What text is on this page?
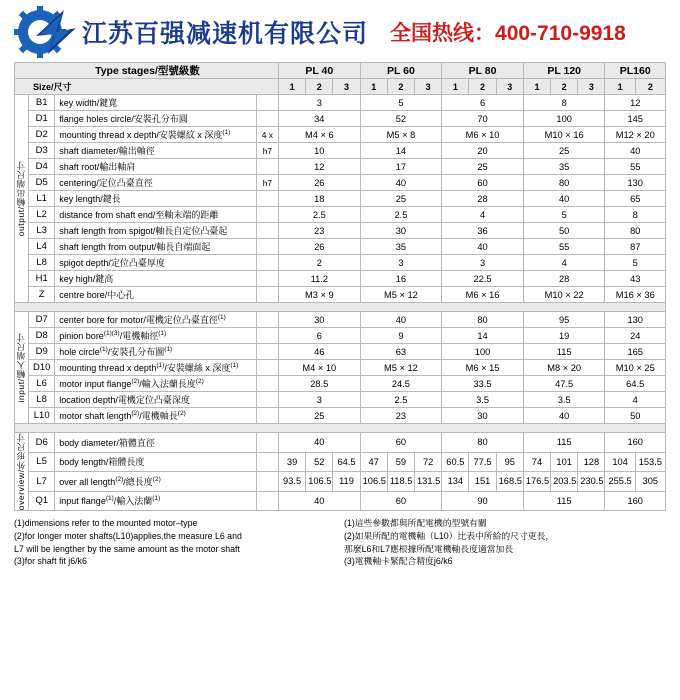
江苏百强减速机有限公司 全国热线：400-710-9918
Type stages/型號級數				PL 40			PL 60			PL 80			PL 120			PL160	
Size/尺寸				1	2	3	1	2	3	1	2	3	1	2	3	1	2

output/輸出端尺寸	B1	key width/鍵寬		3			5			6			8			12	
	D1	flange holes circle/安裝孔分布圓		34			52			70			100			145	
	D2	mounting thread x depth/安裝螺紋 x 深度$^{(1)}$	4 x	M4 × 6			M5 × 8			M6 × 10			M10 × 16			M12 × 20	
	D3	shaft diameter/輸出軸徑	h7	10			14			20			25			40	
	D4	shaft root/輸出軸肩		12			17			25			35			55	
	D5	centering/定位凸臺直徑	h7	26			40			60			80			130	
	L1	key length/鍵長		18			25			28			40			65	
	L2	distance from shaft end/至軸末端的距離		2.5			2.5			4			5			8	
	L3	shaft length from spigot/軸長自定位凸臺起		23			30			36			50			80	
	L4	shaft length from output/軸長自端面起		26			35			40			55			87	
	L8	spigot depth/定位凸臺厚度		2			3			3			4			5	
	H1	key high/鍵高		11.2			16			22.5			28			43	
	Z	centre bore/中心孔		M3 × 9			M5 × 12			M6 × 16			M10 × 22			M16 × 36	

input/輸入端尺寸	D7	center bore for motor/電機定位凸臺直徑$^{(1)}$		30			40			80			95			130	
	D8	pinion bore$^{(1)(3)}$/電機軸徑$^{(1)}$		6			9			14			19			24	
	D9	hole circle$^{(1)}$/安裝孔分布圖$^{(1)}$		46			63			100			115			165	
	D10	mounting thread x depth$^{(1)}$/安裝螺絲 x 深度$^{(1)}$		M4 × 10			M5 × 12			M6 × 15			M8 × 20			M10 × 25	
	L6	motor input flange$^{(2)}$/輸入法蘭長度$^{(2)}$		28.5			24.5			33.5			47.5			64.5	
	L8	location depth/電機定位凸臺深度		3			2.5			3.5			3.5			4	
	L10	motor shaft length$^{(2)}$/電機軸長$^{(2)}$		25			23			30			40			50	

overview/外形尺寸	D6	body diameter/箱體直徑		40			60			80			115			160	
	L5	body length/箱體長度		39	52	64.5	47	59	72	60.5	77.5	95	74	101	128	104	153.5
	L7	over all length$^{(2)}$/總長度$^{(2)}$		93.5	106.5	119	106.5	118.5	131.5	134	151	168.5	176.5	203.5	230.5	255.5	305
	Q1	input flange$^{(1)}$/輸入法蘭$^{(1)}$		40			60			90			115			160	

(1)dimensions refer to the mounted motor–type

(2)for longer moter shafts(L10)applies,the measure L6 and

L7 will be lengther by the same amount as the motor shaft

(3)for shaft fit j6/k6

(1)這些參數都與所配電機的型號有關

(2)如果所配的電機軸（L10）比表中所給的尺寸更長，

那麼L6和L7應根據所配電機軸長度適當加長

(3)電機軸卡緊配合精度j6/k6
